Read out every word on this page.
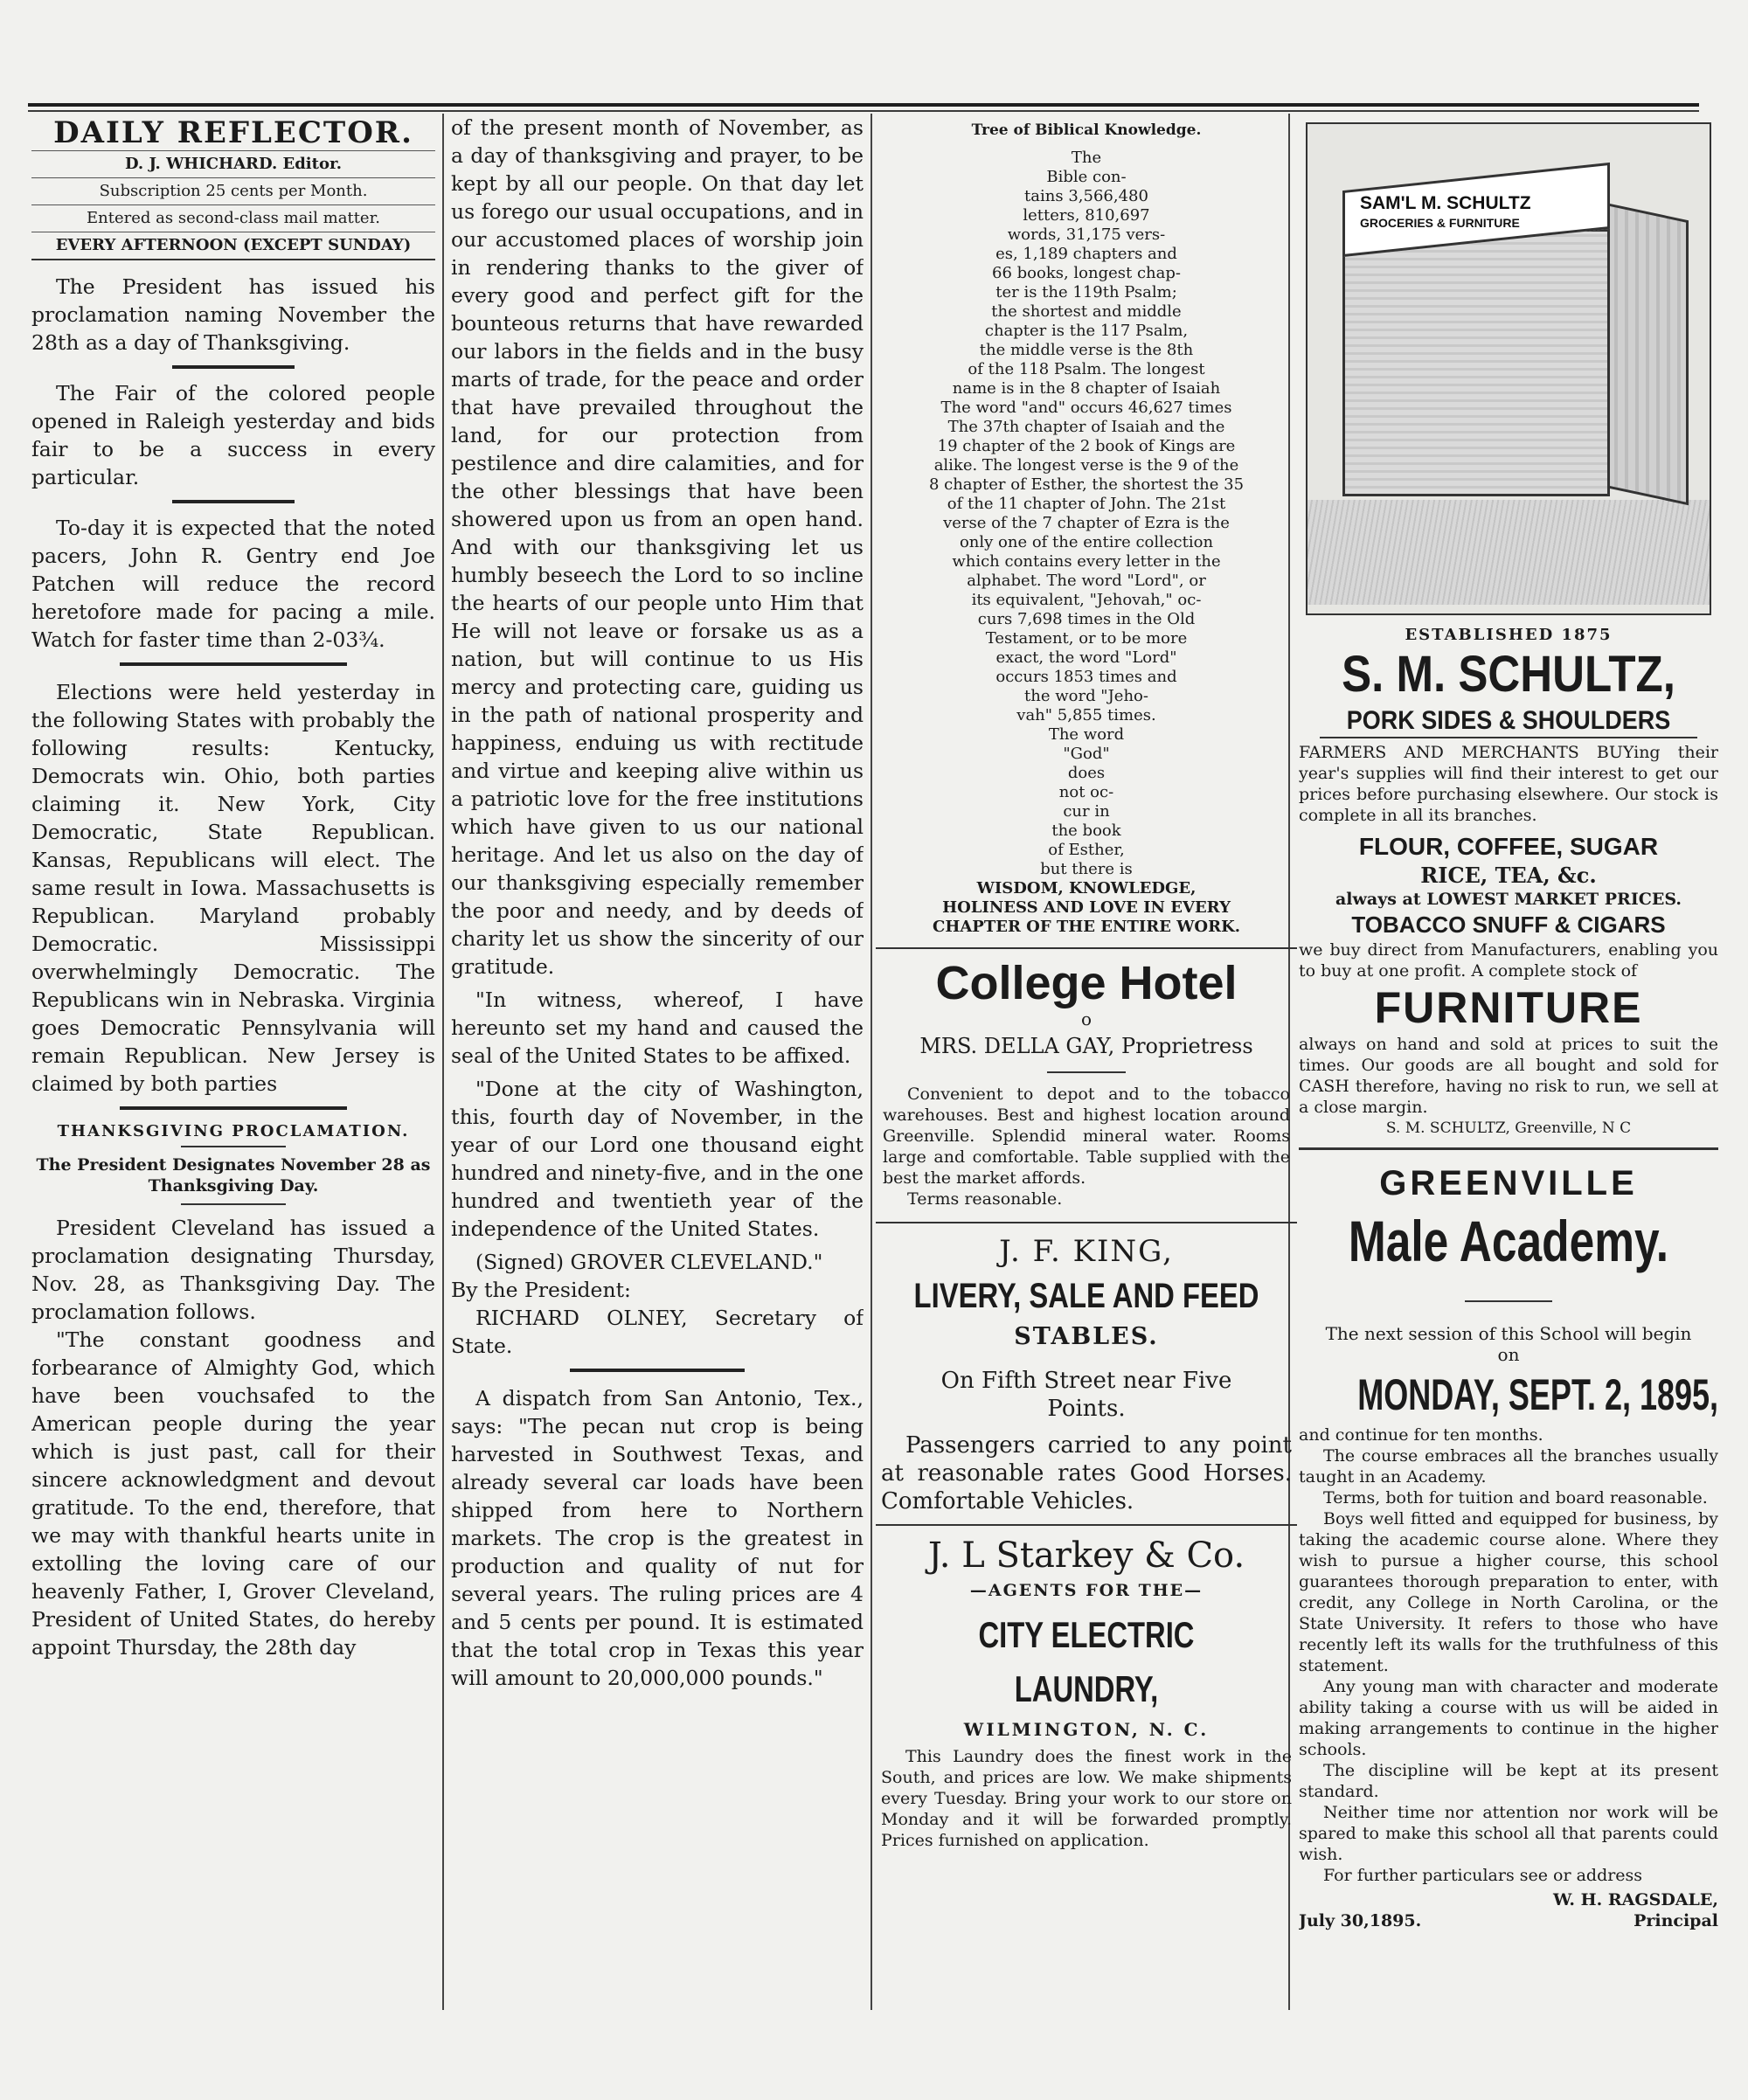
DAILY REFLECTOR.
D. J. WHICHARD. Editor.
Subscription 25 cents per Month.
Entered as second-class mail matter.
EVERY AFTERNOON (EXCEPT SUNDAY)

The President has issued his proclamation naming November the 28th as a day of Thanksgiving.

The Fair of the colored people opened in Raleigh yesterday and bids fair to be a success in every particular.

To-day it is expected that the noted pacers, John R. Gentry end Joe Patchen will reduce the record heretofore made for pacing a mile. Watch for faster time than 2-03¾.

Elections were held yesterday in the following States with probably the following results: Kentucky, Democrats win. Ohio, both parties claiming it. New York, City Democratic, State Republican. Kansas, Republicans will elect. The same result in Iowa. Massachusetts is Republican. Maryland probably Democratic. Mississippi overwhelmingly Democratic. The Republicans win in Nebraska. Virginia goes Democratic Pennsylvania will remain Republican. New Jersey is claimed by both parties

THANKSGIVING PROCLAMATION.

The President Designates November 28 as Thanksgiving Day.

President Cleveland has issued a proclamation designating Thursday, Nov. 28, as Thanksgiving Day. The proclamation follows.

"The constant goodness and forbearance of Almighty God, which have been vouchsafed to the American people during the year which is just past, call for their sincere acknowledgment and devout gratitude. To the end, therefore, that we may with thankful hearts unite in extolling the loving care of our heavenly Father, I, Grover Cleveland, President of United States, do hereby appoint Thursday, the 28th day

of the present month of November, as a day of thanksgiving and prayer, to be kept by all our people. On that day let us forego our usual occupations, and in our accustomed places of worship join in rendering thanks to the giver of every good and perfect gift for the bounteous returns that have rewarded our labors in the fields and in the busy marts of trade, for the peace and order that have prevailed throughout the land, for our protection from pestilence and dire calamities, and for the other blessings that have been showered upon us from an open hand. And with our thanksgiving let us humbly beseech the Lord to so incline the hearts of our people unto Him that He will not leave or forsake us as a nation, but will continue to us His mercy and protecting care, guiding us in the path of national prosperity and happiness, enduing us with rectitude and virtue and keeping alive within us a patriotic love for the free institutions which have given to us our national heritage. And let us also on the day of our thanksgiving especially remember the poor and needy, and by deeds of charity let us show the sincerity of our gratitude.

"In witness, whereof, I have hereunto set my hand and caused the seal of the United States to be affixed.

"Done at the city of Washington, this, fourth day of November, in the year of our Lord one thousand eight hundred and ninety-five, and in the one hundred and twentieth year of the independence of the United States.

(Signed) GROVER CLEVELAND."

By the President:

RICHARD OLNEY, Secretary of State.

A dispatch from San Antonio, Tex., says: "The pecan nut crop is being harvested in Southwest Texas, and already several car loads have been shipped from here to Northern markets. The crop is the greatest in production and quality of nut for several years. The ruling prices are 4 and 5 cents per pound. It is estimated that the total crop in Texas this year will amount to 20,000,000 pounds."

Tree of Biblical Knowledge.
The
Bible con-
tains 3,566,480
letters, 810,697
words, 31,175 vers-
es, 1,189 chapters and
66 books, longest chap-
ter is the 119th Psalm;
the shortest and middle
chapter is the 117 Psalm,
the middle verse is the 8th
of the 118 Psalm. The longest
name is in the 8 chapter of Isaiah
The word "and" occurs 46,627 times
The 37th chapter of Isaiah and the
19 chapter of the 2 book of Kings are
alike. The longest verse is the 9 of the
8 chapter of Esther, the shortest the 35
of the 11 chapter of John. The 21st
verse of the 7 chapter of Ezra is the
only one of the entire collection
which contains every letter in the
alphabet. The word "Lord", or
its equivalent, "Jehovah," oc-
curs 7,698 times in the Old
Testament, or to be more
exact, the word "Lord"
occurs 1853 times and
the word "Jeho-
vah" 5,855 times.
The word
"God"
does
not oc-
cur in
the book
of Esther,
but there is
WISDOM, KNOWLEDGE,
HOLINESS AND LOVE IN EVERY
CHAPTER OF THE ENTIRE WORK.
College Hotel
o
MRS. DELLA GAY, Proprietress

Convenient to depot and to the tobacco warehouses. Best and highest location around Greenville. Splendid mineral water. Rooms large and comfortable. Table supplied with the best the market affords.

Terms reasonable.

J. F. KING,
LIVERY, SALE AND FEED
STABLES.
On Fifth Street near Five Points.

Passengers carried to any point at reasonable rates Good Horses. Comfortable Vehicles.

J. L Starkey & Co.
—AGENTS FOR THE—
CITY ELECTRIC LAUNDRY,
WILMINGTON, N. C.

This Laundry does the finest work in the South, and prices are low. We make shipments every Tuesday. Bring your work to our store on Monday and it will be forwarded promptly. Prices furnished on application.

SAM'L M. SCHULTZ
GROCERIES & FURNITURE
ESTABLISHED 1875
S. M. SCHULTZ,
PORK SIDES & SHOULDERS

FARMERS AND MERCHANTS BUYing their year's supplies will find their interest to get our prices before purchasing elsewhere. Our stock is complete in all its branches.

FLOUR, COFFEE, SUGAR
RICE, TEA, &c.
always at LOWEST MARKET PRICES.
TOBACCO SNUFF & CIGARS

we buy direct from Manufacturers, enabling you to buy at one profit. A complete stock of

FURNITURE

always on hand and sold at prices to suit the times. Our goods are all bought and sold for CASH therefore, having no risk to run, we sell at a close margin.

S. M. SCHULTZ, Greenville, N C
GREENVILLE
Male Academy.
The next session of this School will begin on
MONDAY, SEPT. 2, 1895,

and continue for ten months.

The course embraces all the branches usually taught in an Academy.

Terms, both for tuition and board reasonable.

Boys well fitted and equipped for business, by taking the academic course alone. Where they wish to pursue a higher course, this school guarantees thorough preparation to enter, with credit, any College in North Carolina, or the State University. It refers to those who have recently left its walls for the truthfulness of this statement.

Any young man with character and moderate ability taking a course with us will be aided in making arrangements to continue in the higher schools.

The discipline will be kept at its present standard.

Neither time nor attention nor work will be spared to make this school all that parents could wish.

For further particulars see or address

July 30,1895.
W. H. RAGSDALE,
Principal
